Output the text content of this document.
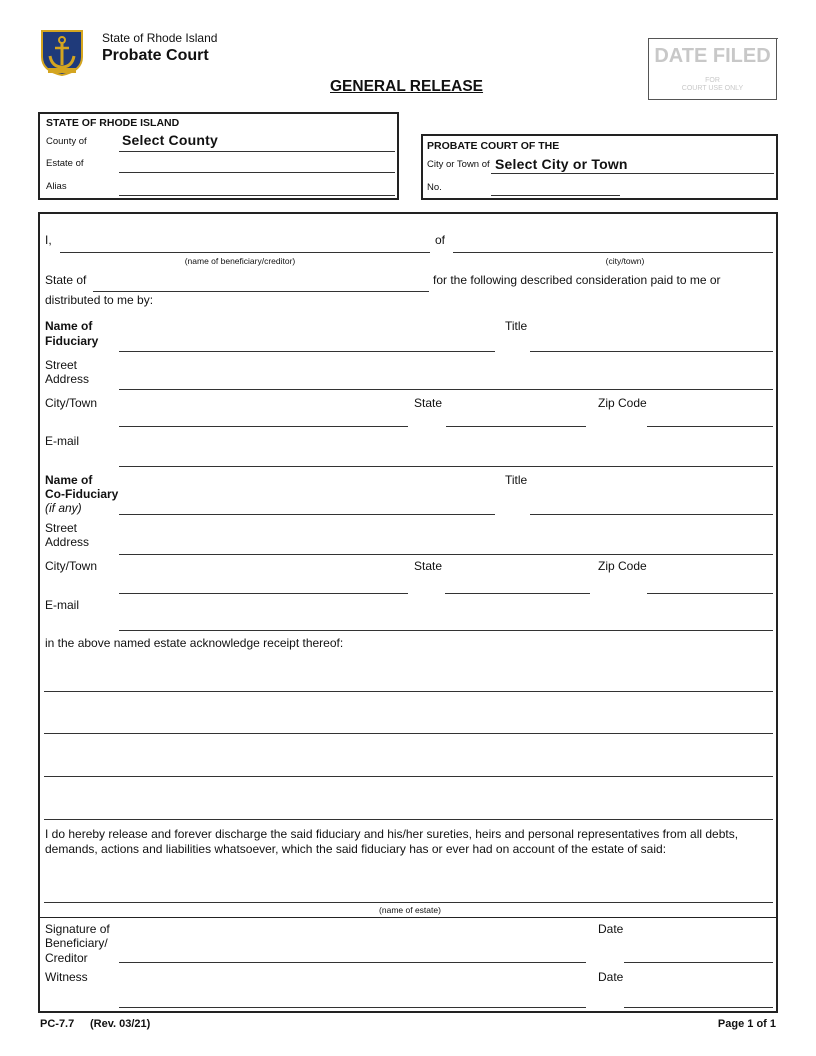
State of Rhode Island
Probate Court
GENERAL RELEASE
DATE FILED
FOR
COURT USE ONLY
STATE OF RHODE ISLAND
County of	Select County
Estate of
Alias
PROBATE COURT OF THE
City or Town of Select City or Town
No.
I,	of
(name of beneficiary/creditor)	(city/town)
State of	for the following described consideration paid to me or
distributed to me by:
Name of
Fiduciary
Title
Street
Address
City/Town	State	Zip Code
E-mail
Name of
Co-Fiduciary
(if any)
Title
Street
Address
City/Town	State	Zip Code
E-mail
in the above named estate acknowledge receipt thereof:
I do hereby release and forever discharge the said fiduciary and his/her sureties, heirs and personal representatives from all debts,
demands, actions and liabilities whatsoever, which the said fiduciary has or ever had on account of the estate of said:
(name of estate)
Signature of
Beneficiary/
Creditor
Date
Witness	Date
PC-7.7 (Rev. 03/21)	Page 1 of 1
